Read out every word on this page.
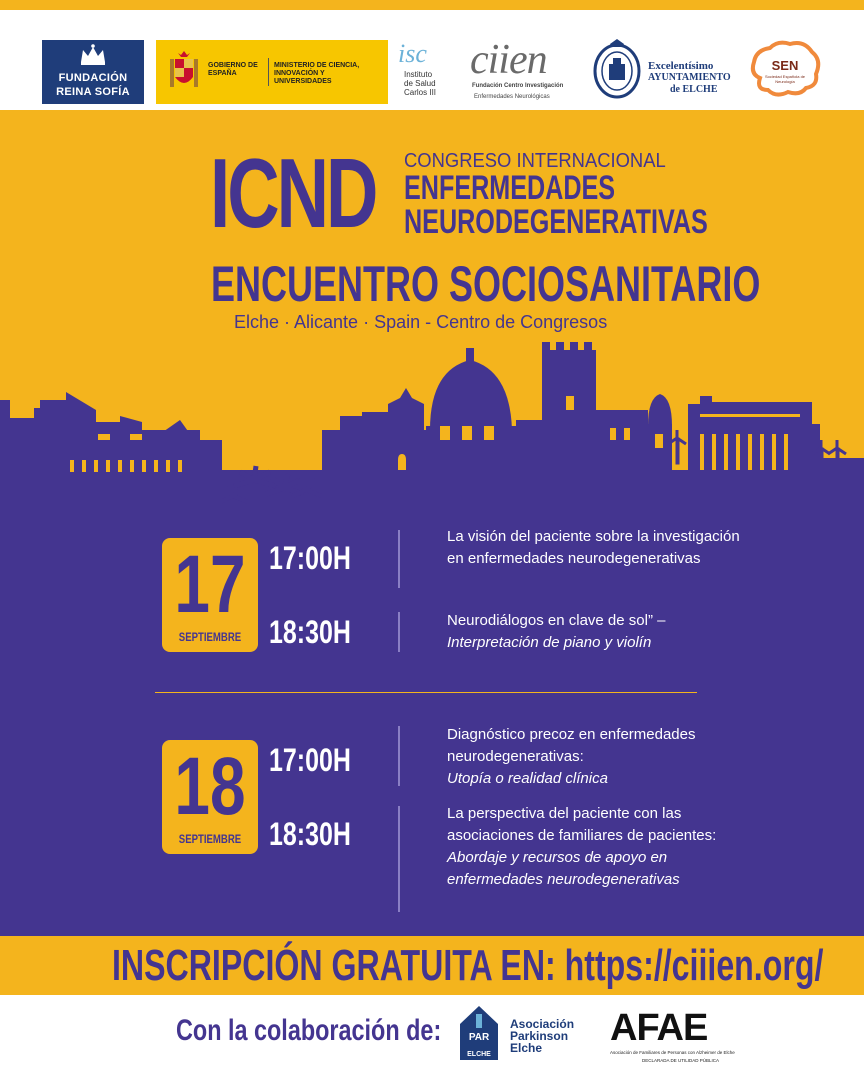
FUNDACIÓN
REINA SOFÍA
GOBIERNO DE ESPAÑA
MINISTERIO DE CIENCIA, INNOVACIÓN Y UNIVERSIDADES
isc
Instituto
de Salud
Carlos III
ciien
Fundación Centro Investigación
Enfermedades Neurológicas
Excelentísimo
AYUNTAMIENTO
de ELCHE
SEN
Sociedad Española de Neurología
ICND CONGRESO INTERNACIONAL
ENFERMEDADES
NEURODEGENERATIVAS
ENCUENTRO SOCIOSANITARIO
Elche · Alicante · Spain - Centro de Congresos
17
SEPTIEMBRE
17:00H
La visión del paciente sobre la investigación en enfermedades neurodegenerativas
18:30H	Neurodiálogos en clave de sol” –
Interpretación de piano y violín
18
SEPTIEMBRE
17:00H
Diagnóstico precoz en enfermedades neurodegenerativas:
Utopía o realidad clínica
18:30H
La perspectiva del paciente con las asociaciones de familiares de pacientes: Abordaje y recursos de apoyo en enfermedades neurodegenerativas
INSCRIPCIÓN GRATUITA EN: https://ciiien.org/
Con la colaboración de:	PAR
ELCHE
Asociación
Parkinson
Elche AFAE
Asociación de Familiares de Personas con Alzheimer de Elche
DECLARADA DE UTILIDAD PÚBLICA
